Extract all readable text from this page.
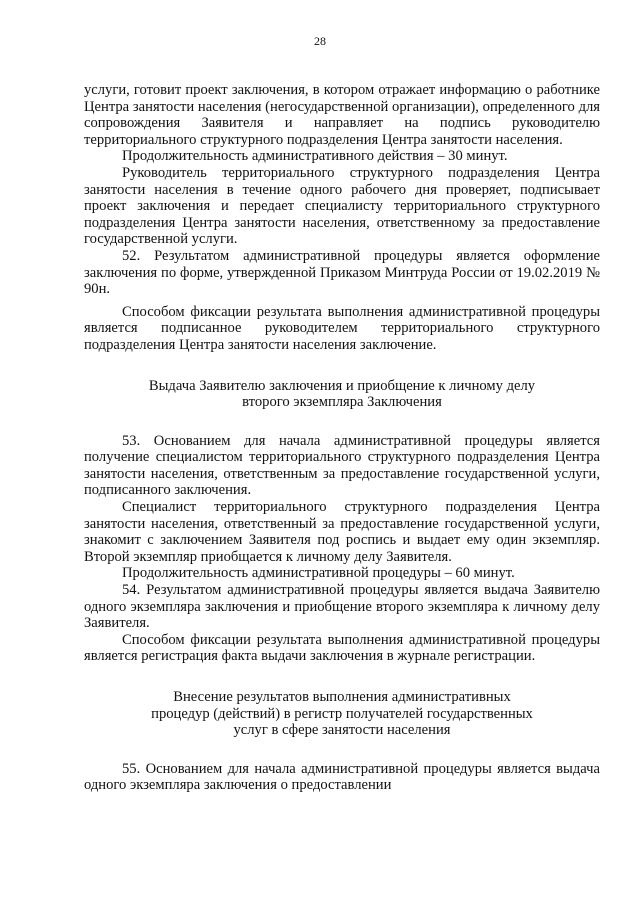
28

услуги, готовит проект заключения, в котором отражает информацию о работнике Центра занятости населения (негосударственной организации), определенного для сопровождения Заявителя и направляет на подпись руководителю территориального структурного подразделения Центра занятости населения.

Продолжительность административного действия – 30 минут.

Руководитель территориального структурного подразделения Центра занятости населения в течение одного рабочего дня проверяет, подписывает проект заключения и передает специалисту территориального структурного подразделения Центра занятости населения, ответственному за предоставление государственной услуги.

52. Результатом административной процедуры является оформление заключения по форме, утвержденной Приказом Минтруда России от 19.02.2019 № 90н.

Способом фиксации результата выполнения административной процедуры является подписанное руководителем территориального структурного подразделения Центра занятости населения заключение.

Выдача Заявителю заключения и приобщение к личному делу
второго экземпляра Заключения

53. Основанием для начала административной процедуры является получение специалистом территориального структурного подразделения Центра занятости населения, ответственным за предоставление государственной услуги, подписанного заключения.

Специалист территориального структурного подразделения Центра занятости населения, ответственный за предоставление государственной услуги, знакомит с заключением Заявителя под роспись и выдает ему один экземпляр. Второй экземпляр приобщается к личному делу Заявителя.

Продолжительность административной процедуры – 60 минут.

54. Результатом административной процедуры является выдача Заявителю одного экземпляра заключения и приобщение второго экземпляра к личному делу Заявителя.

Способом фиксации результата выполнения административной процедуры является регистрация факта выдачи заключения в журнале регистрации.

Внесение результатов выполнения административных
процедур (действий) в регистр получателей государственных
услуг в сфере занятости населения

55. Основанием для начала административной процедуры является выдача одного экземпляра заключения о предоставлении
